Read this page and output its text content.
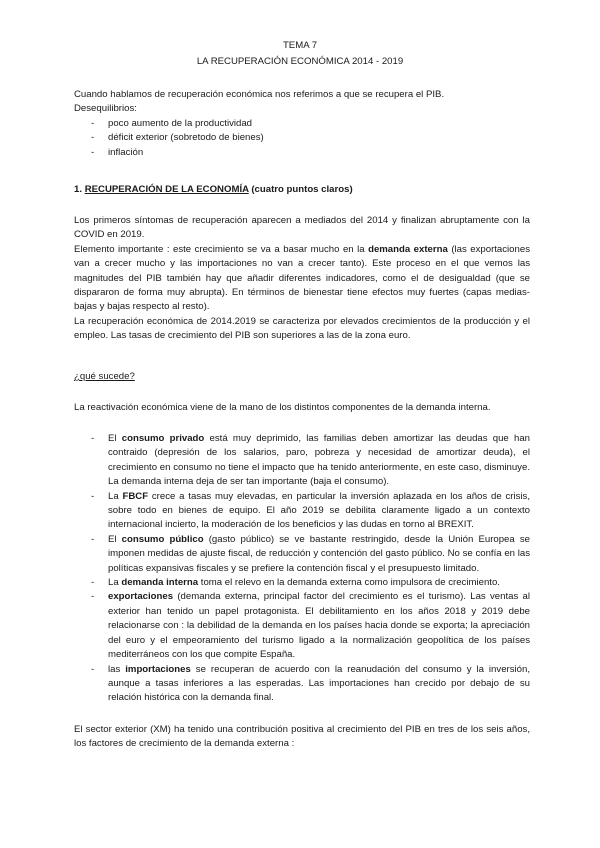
TEMA 7
LA RECUPERACIÓN ECONÓMICA 2014 - 2019
Cuando hablamos de recuperación económica nos referimos a que se recupera el PIB.
Desequilibrios:
- poco aumento de la productividad
- déficit exterior (sobretodo de bienes)
- inflación
1. RECUPERACIÓN DE LA ECONOMÍA (cuatro puntos claros)
Los primeros síntomas de recuperación aparecen a mediados del 2014 y finalizan abruptamente con la COVID en 2019.
Elemento importante : este crecimiento se va a basar mucho en la demanda externa (las exportaciones van a crecer mucho y las importaciones no van a crecer tanto). Este proceso en el que vemos las magnitudes del PIB también hay que añadir diferentes indicadores, como el de desigualdad (que se dispararon de forma muy abrupta). En términos de bienestar tiene efectos muy fuertes (capas medias-bajas y bajas respecto al resto).
La recuperación económica de 2014.2019 se caracteriza por elevados crecimientos de la producción y el empleo. Las tasas de crecimiento del PIB son superiores a las de la zona euro.
¿qué sucede?
La reactivación económica viene de la mano de los distintos componentes de la demanda interna.
- El consumo privado está muy deprimido, las familias deben amortizar las deudas que han contraido (depresión de los salarios, paro, pobreza y necesidad de amortizar deuda), el crecimiento en consumo no tiene el impacto que ha tenido anteriormente, en este caso, disminuye. La demanda interna deja de ser tan importante (baja el consumo).
- La FBCF crece a tasas muy elevadas, en particular la inversión aplazada en los años de crisis, sobre todo en bienes de equipo. El año 2019 se debilita claramente ligado a un contexto internacional incierto, la moderación de los beneficios y las dudas en torno al BREXIT.
- El consumo público (gasto público) se ve bastante restringido, desde la Unión Europea se imponen medidas de ajuste fiscal, de reducción y contención del gasto público. No se confía en las políticas expansivas fiscales y se prefiere la contención fiscal y el presupuesto limitado.
- La demanda interna toma el relevo en la demanda externa como impulsora de crecimiento.
- exportaciones (demanda externa, principal factor del crecimiento es el turismo). Las ventas al exterior han tenido un papel protagonista. El debilitamiento en los años 2018 y 2019 debe relacionarse con : la debilidad de la demanda en los países hacia donde se exporta; la apreciación del euro y el empeoramiento del turismo ligado a la normalización geopolítica de los países mediterráneos con los que compite España.
- las importaciones se recuperan de acuerdo con la reanudación del consumo y la inversión, aunque a tasas inferiores a las esperadas. Las importaciones han crecido por debajo de su relación histórica con la demanda final.
El sector exterior (XM) ha tenido una contribución positiva al crecimiento del PIB en tres de los seis años, los factores de crecimiento de la demanda externa :
